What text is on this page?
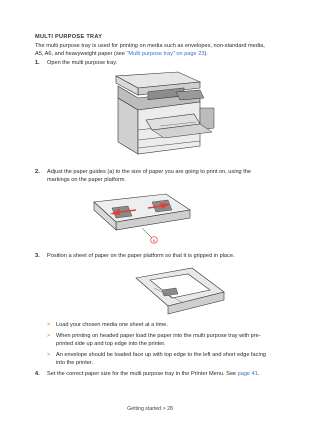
MULTI PURPOSE TRAY
The multi purpose tray is used for printing on media such as envelopes, non-standard media, A5, A6, and heavyweight paper (see "Multi purpose tray" on page 23).
1.	Open the multi purpose tray.
2.	Adjust the paper guides (a) to the size of paper you are going to print on, using the markings on the paper platform.
a
3.	Position a sheet of paper on the paper platform so that it is gripped in place.
>	Load your chosen media one sheet at a time.
>	When printing on headed paper load the paper into the multi purpose tray with pre-printed side up and top edge into the printer.
>	An envelope should be loaded face up with top edge to the left and short edge facing into the printer.
4.	Set the correct paper size for the multi purpose tray in the Printer Menu. See page 41.
Getting started > 28
